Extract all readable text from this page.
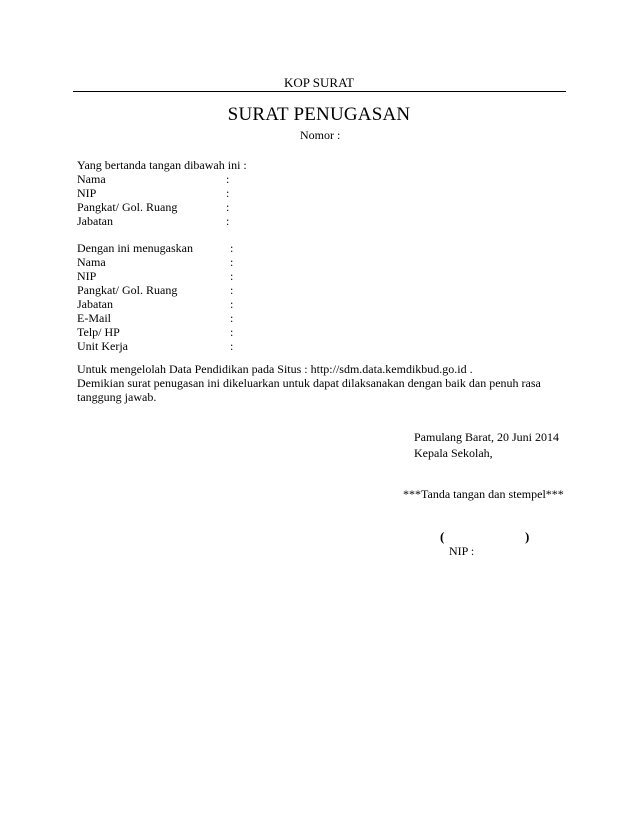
KOP SURAT
SURAT PENUGASAN
Nomor :
Yang bertanda tangan dibawah ini :
Nama	:
NIP	:
Pangkat/ Gol. Ruang	:
Jabatan	:
Dengan ini menugaskan	:
Nama	:
NIP	:
Pangkat/ Gol. Ruang	:
Jabatan	:
E-Mail	:
Telp/ HP	:
Unit Kerja	:
Untuk mengelolah Data Pendidikan pada Situs : http://sdm.data.kemdikbud.go.id .
Demikian surat penugasan ini dikeluarkan untuk dapat dilaksanakan dengan baik dan penuh rasa
tanggung jawab.
Pamulang Barat, 20 Juni 2014
Kepala Sekolah,
***Tanda tangan dan stempel***
(	)
NIP :
